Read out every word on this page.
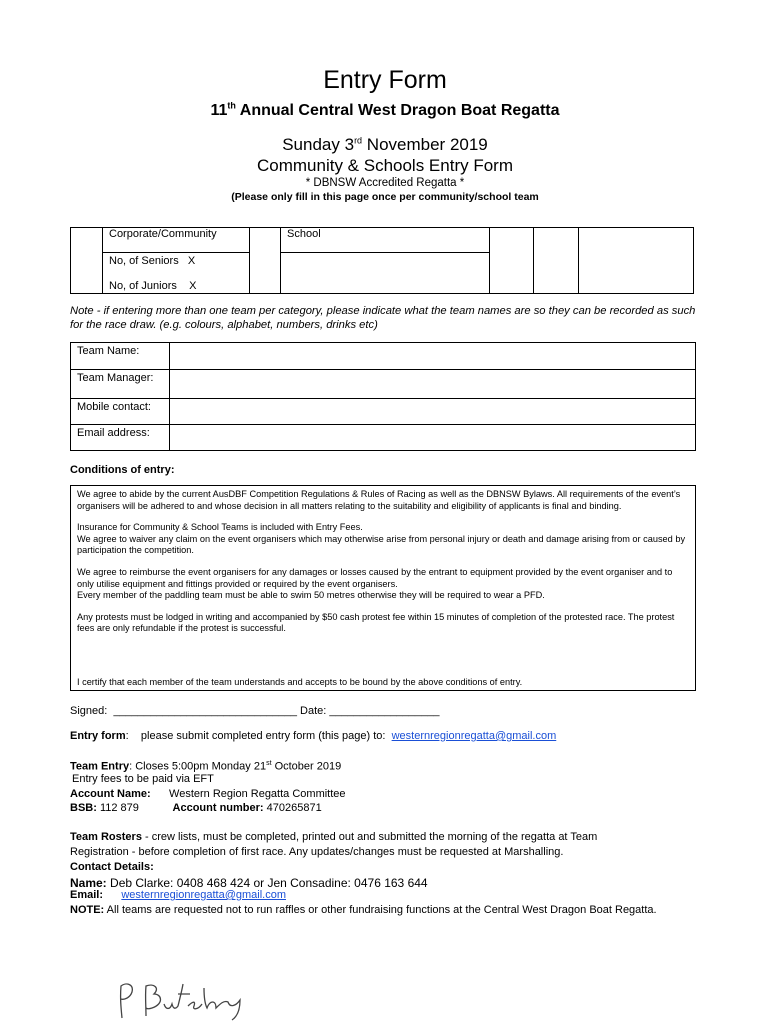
Entry Form
11th Annual Central West Dragon Boat Regatta
Sunday 3rd November 2019
Community & Schools Entry Form
* DBNSW Accredited Regatta *
(Please only fill in this page once per community/school team
	Corporate/Community		School			

	No, of Seniors X
No, of Juniors X					

Note - if entering more than one team per category, please indicate what the team names are so they can be recorded as such for the race draw. (e.g. colours, alphabet, numbers, drinks etc)
Team Name:	
Team Manager:	
Mobile contact:	
Email address:	
Conditions of entry:

We agree to abide by the current AusDBF Competition Regulations & Rules of Racing as well as the DBNSW Bylaws. All requirements of the event’s organisers will be adhered to and whose decision in all matters relating to the suitability and eligibility of applicants is final and binding.

Insurance for Community & School Teams is included with Entry Fees.
We agree to waiver any claim on the event organisers which may otherwise arise from personal injury or death and damage arising from or caused by participation the competition.

We agree to reimburse the event organisers for any damages or losses caused by the entrant to equipment provided by the event organiser and to only utilise equipment and fittings provided or required by the event organisers.
Every member of the paddling team must be able to swim 50 metres otherwise they will be required to wear a PFD.

Any protests must be lodged in writing and accompanied by $50 cash protest fee within 15 minutes of completion of the protested race. The protest fees are only refundable if the protest is successful.

I certify that each member of the team understands and accepts to be bound by the above conditions of entry.

Signed: ______________________________ Date: __________________
Entry form: please submit completed entry form (this page) to: westernregionregatta@gmail.com
Team Entry: Closes 5:00pm Monday 21st October 2019
Entry fees to be paid via EFT
Account Name: Western Region Regatta Committee
BSB: 112 879	Account number: 470265871
Team Rosters - crew lists, must be completed, printed out and submitted the morning of the regatta at Team
Registration - before completion of first race. Any updates/changes must be requested at Marshalling.
Contact Details:
Name: Deb Clarke: 0408 468 424 or Jen Consadine: 0476 163 644
Email: westernregionregatta@gmail.com
NOTE: All teams are requested not to run raffles or other fundraising functions at the Central West Dragon Boat Regatta.
